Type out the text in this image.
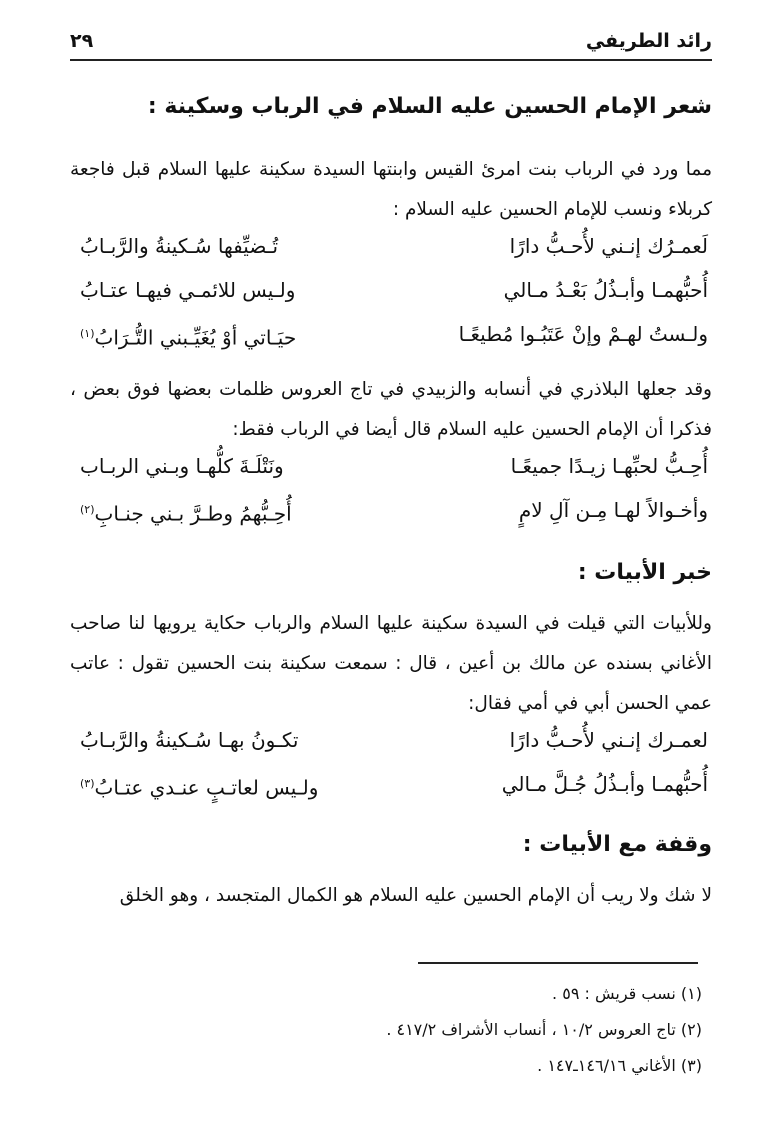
رائد الطريفي
٢٩
شعر الإمام الحسين عليه السلام في الرباب وسكينة :
مما ورد في الرباب بنت امرئ القيس وابنتها السيدة سكينة عليها السلام قبل فاجعة كربلاء ونسب للإمام الحسين عليه السلام :
لَعمـرُك إنـني لأُحـبُّ دارًا
تُـضيِّفها سُـكينةُ والرَّبـابُ
أُحبُّهمـا وأبـذُلُ بَعْـدُ مـالي
ولـيس للائمـي فيهـا عتـابُ
ولـستُ لهـمْ وإنْ عَتَبُـوا مُطيعًـا
حيَـاتي أوْ يُغَيِّـبني التُّـرَابُ$^{(١)}$
وقد جعلها البلاذري في أنسابه والزبيدي في تاج العروس ظلمات بعضها فوق بعض ، فذكرا أن الإمام الحسين عليه السلام قال أيضا في الرباب فقط:
أُحِـبُّ لحبِّهـا زيـدًا جميعًـا
ونَتْلَـةَ كلُّهـا وبـني الربـاب
وأخـوالاً لهـا مِـن آلِ لامٍ
أُحِـبُّهمُ وطـرَّ بـني جنـابِ$^{(٢)}$
خبر الأبيات :
وللأبيات التي قيلت في السيدة سكينة عليها السلام والرباب حكاية يرويها لنا صاحب الأغاني بسنده عن مالك بن أعين ، قال : سمعت سكينة بنت الحسين تقول : عاتب عمي الحسن أبي في أمي فقال:
لعمـرك إنـني لأُحـبُّ دارًا
تكـونُ بهـا سُـكينةُ والرَّبـابُ
أُحبُّهمـا وأبـذُلُ جُـلَّ مـالي
ولـيس لعاتـبٍ عنـدي عتـابُ$^{(٣)}$
وقفة مع الأبيات :
لا شك ولا ريب أن الإمام الحسين عليه السلام هو الكمال المتجسد ، وهو الخلق
(١) نسب قريش : ٥٩ .
(٢) تاج العروس ١٠/٢ ، أنساب الأشراف ٤١٧/٢ .
(٣) الأغاني ١٤٦/١٦ـ١٤٧ .
